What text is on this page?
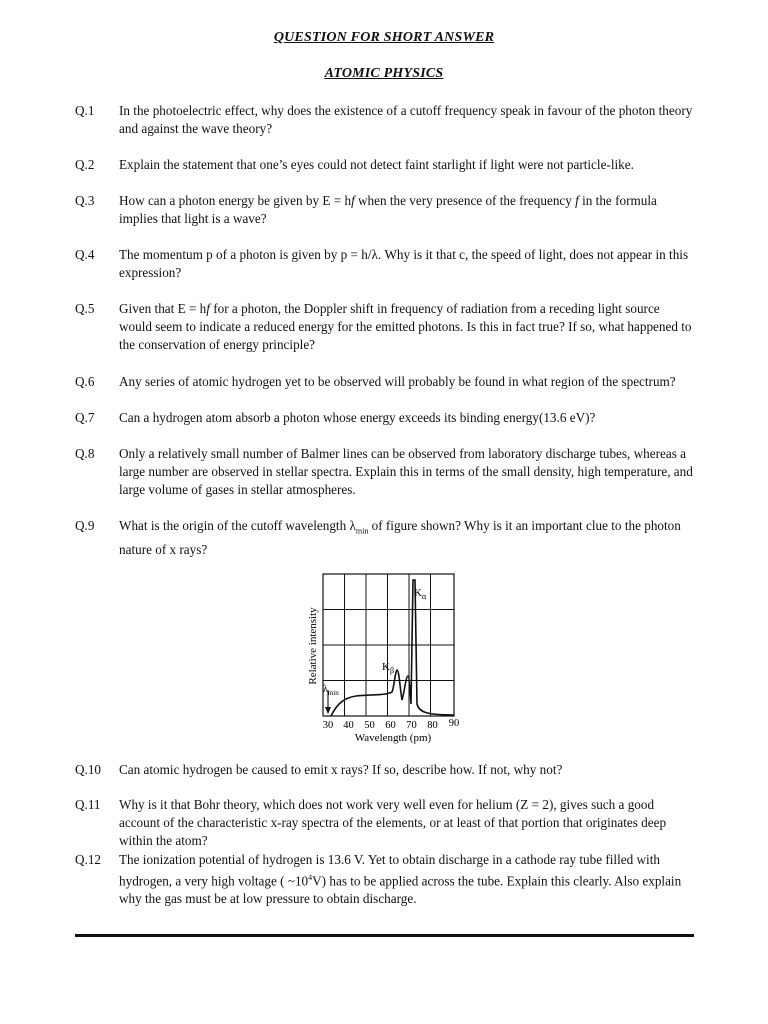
QUESTION FOR SHORT ANSWER
ATOMIC PHYSICS
Q.1	In the photoelectric effect, why does the existence of a cutoff frequency speak in favour of the photon theory and against the wave theory?
Q.2	Explain the statement that one’s eyes could not detect faint starlight if light were not particle-like.
Q.3	How can a photon energy be given by E = hf when the very presence of the frequency f in the formula implies that light is a wave?
Q.4	The momentum p of a photon is given by p = h/λ. Why is it that c, the speed of light, does not appear in this expression?
Q.5	Given that E = hf for a photon, the Doppler shift in frequency of radiation from a receding light source would seem to indicate a reduced energy for the emitted photons. Is this in fact true? If so, what happened to the conservation of energy principle?
Q.6	Any series of atomic hydrogen yet to be observed will probably be found in what region of the spectrum?
Q.7	Can a hydrogen atom absorb a photon whose energy exceeds its binding energy(13.6 eV)?
Q.8	Only a relatively small number of Balmer lines can be observed from laboratory discharge tubes, whereas a large number are observed in stellar spectra. Explain this in terms of the small density, high temperature, and large volume of gases in stellar atmospheres.
Q.9	What is the origin of the cutoff wavelength $\lambda_{min}$ of figure shown? Why is it an important clue to the photon nature of x rays?
$\lambda_{min}$
$K_\alpha$
$K_\beta$
Relative intensity
30 40 50 60 70 80 90
Wavelength (pm)
Q.10	Can atomic hydrogen be caused to emit x rays? If so, describe how. If not, why not?
Q.11	Why is it that Bohr theory, which does not work very well even for helium (Z = 2), gives such a good account of the characteristic x-ray spectra of the elements, or at least of that portion that originates deep within the atom?
Q.12	The ionization potential of hydrogen is 13.6 V. Yet to obtain discharge in a cathode ray tube filled with hydrogen, a very high voltage ( $\sim 10^4V$) has to be applied across the tube. Explain this clearly. Also explain why the gas must be at low pressure to obtain discharge.
